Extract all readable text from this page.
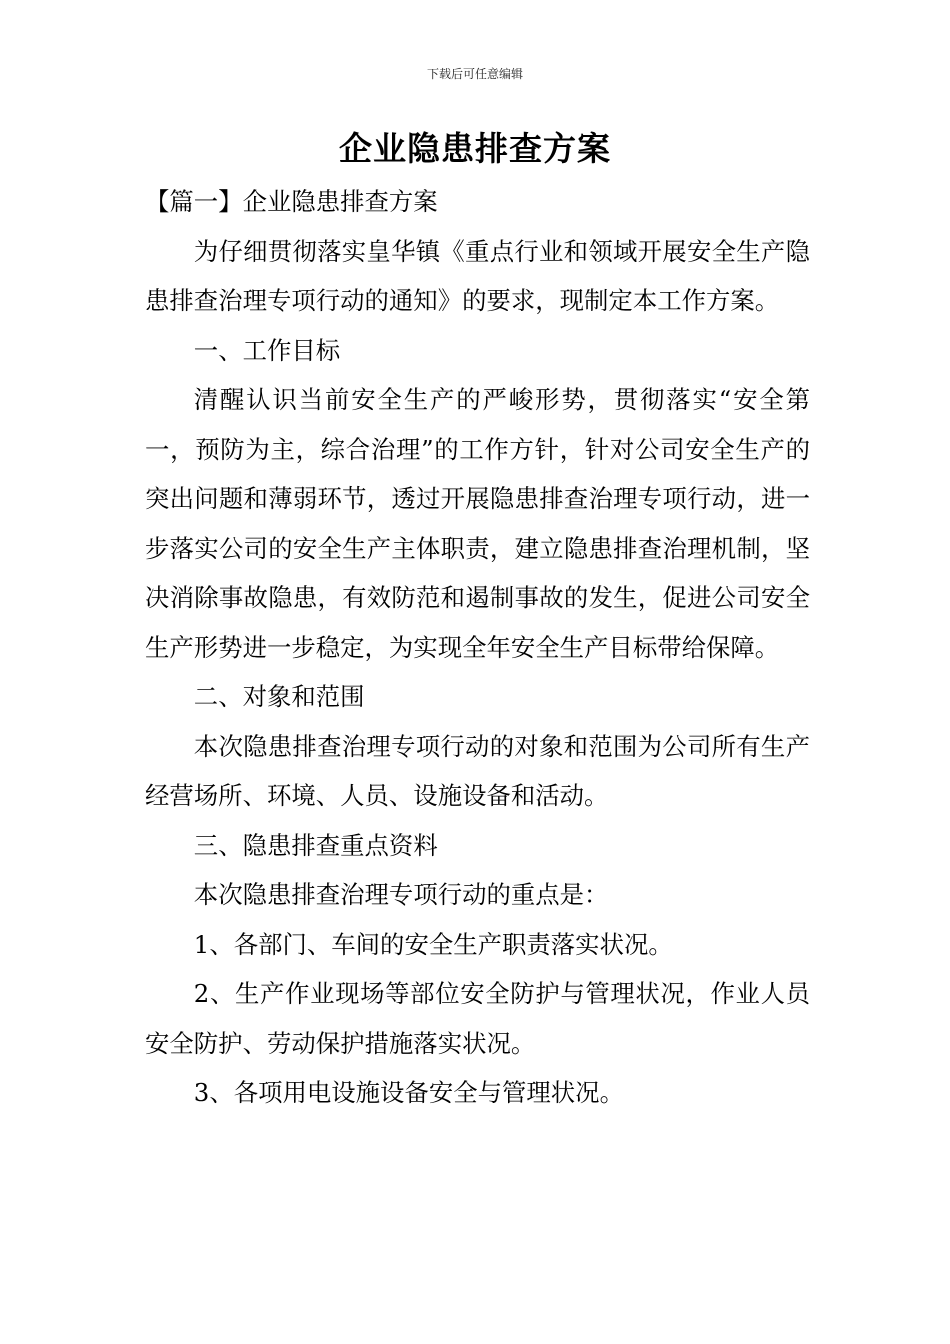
下载后可任意编辑
企业隐患排查方案

【篇一】企业隐患排查方案

为仔细贯彻落实皇华镇《重点行业和领域开展安全生产隐患排查治理专项行动的通知》的要求，现制定本工作方案。

一、工作目标

清醒认识当前安全生产的严峻形势，贯彻落实“安全第一，预防为主，综合治理”的工作方针，针对公司安全生产的突出问题和薄弱环节，透过开展隐患排查治理专项行动，进一步落实公司的安全生产主体职责，建立隐患排查治理机制，坚决消除事故隐患，有效防范和遏制事故的发生，促进公司安全生产形势进一步稳定，为实现全年安全生产目标带给保障。

二、对象和范围

本次隐患排查治理专项行动的对象和范围为公司所有生产经营场所、环境、人员、设施设备和活动。

三、隐患排查重点资料

本次隐患排查治理专项行动的重点是：

1、各部门、车间的安全生产职责落实状况。

2、生产作业现场等部位安全防护与管理状况，作业人员安全防护、劳动保护措施落实状况。

3、各项用电设施设备安全与管理状况。
